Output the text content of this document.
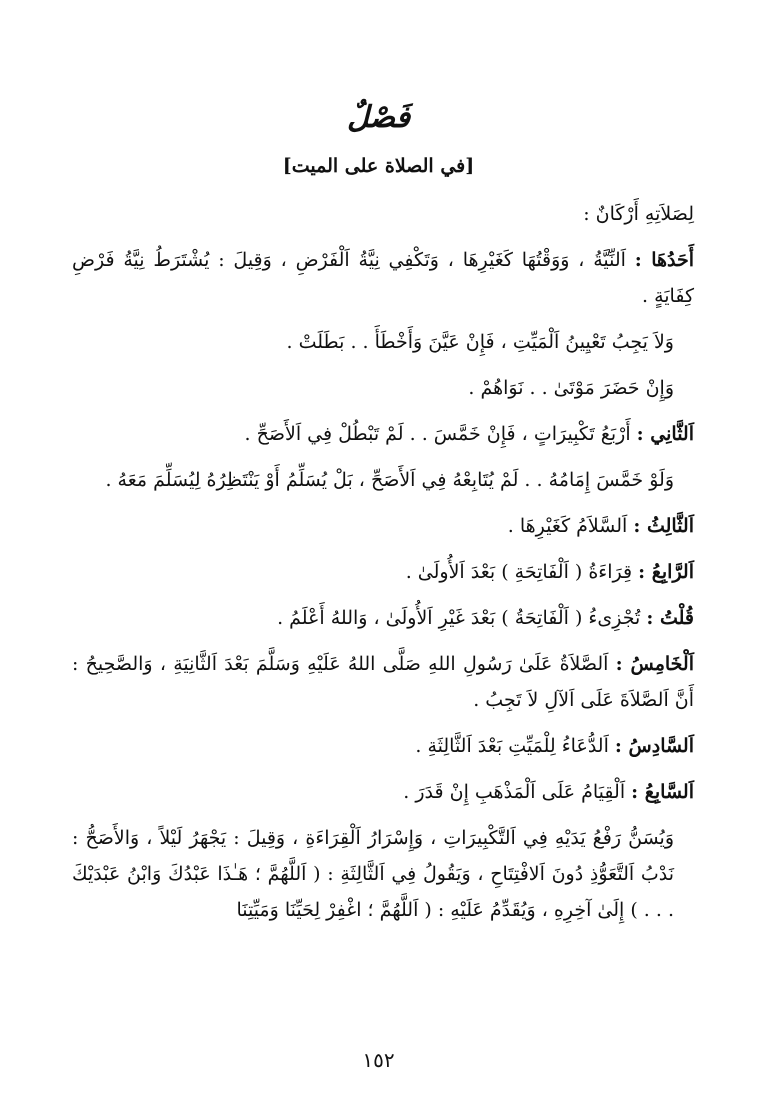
فَصْلٌ
[في الصلاة على الميت]

لِصَلاَتِهِ أَرْكَانٌ :

أَحَدُهَا : اَلنِّيَّةُ ، وَوَقْتُهَا كَغَيْرِهَا ، وَتَكْفِي نِيَّةُ اَلْفَرْضِ ، وَقِيلَ : يُشْتَرَطُ نِيَّةُ فَرْضِ كِفَايَةٍ .

وَلاَ يَجِبُ تَعْيِينُ اَلْمَيِّتِ ، فَإِنْ عَيَّنَ وَأَخْطَأَ . . بَطَلَتْ .

وَإِنْ حَضَرَ مَوْتَىٰ . . نَوَاهُمْ .

اَلثَّانِي : أَرْبَعُ تَكْبِيرَاتٍ ، فَإِنْ خَمَّسَ . . لَمْ تَبْطُلْ فِي اَلأَصَحِّ .

وَلَوْ خَمَّسَ إِمَامُهُ . . لَمْ يُتَابِعْهُ فِي اَلأَصَحِّ ، بَلْ يُسَلِّمُ أَوْ يَنْتَظِرُهُ لِيُسَلِّمَ مَعَهُ .

اَلثَّالِثُ : اَلسَّلاَمُ كَغَيْرِهَا .

اَلرَّابِعُ : قِرَاءَةُ ( اَلْفَاتِحَةِ ) بَعْدَ اَلأُولَىٰ .

قُلْتُ : تُجْزِىءُ ( اَلْفَاتِحَةُ ) بَعْدَ غَيْرِ اَلأُولَىٰ ، وَاللهُ أَعْلَمُ .

اَلْخَامِسُ : اَلصَّلاَةُ عَلَىٰ رَسُولِ اللهِ صَلَّى اللهُ عَلَيْهِ وَسَلَّمَ بَعْدَ اَلثَّانِيَةِ ، وَالصَّحِيحُ : أَنَّ اَلصَّلاَةَ عَلَى اَلآلِ لاَ تَجِبُ .

اَلسَّادِسُ : اَلدُّعَاءُ لِلْمَيِّتِ بَعْدَ اَلثَّالِثَةِ .

اَلسَّابِعُ : اَلْقِيَامُ عَلَى اَلْمَذْهَبِ إِنْ قَدَرَ .

وَيُسَنُّ رَفْعُ يَدَيْهِ فِي اَلتَّكْبِيرَاتِ ، وَإِسْرَارُ اَلْقِرَاءَةِ ، وَقِيلَ : يَجْهَرُ لَيْلاً ، وَالأَصَحُّ : نَدْبُ اَلتَّعَوُّذِ دُونَ اَلافْتِتَاحِ ، وَيَقُولُ فِي اَلثَّالِثَةِ : ( اَللَّهُمَّ ؛ هَـٰذَا عَبْدُكَ وَابْنُ عَبْدَيْكَ . . . ) إِلَىٰ آخِرِهِ ، وَيُقَدِّمُ عَلَيْهِ : ( اَللَّهُمَّ ؛ اغْفِرْ لِحَيِّنَا وَمَيِّتِنَا

١٥٢
